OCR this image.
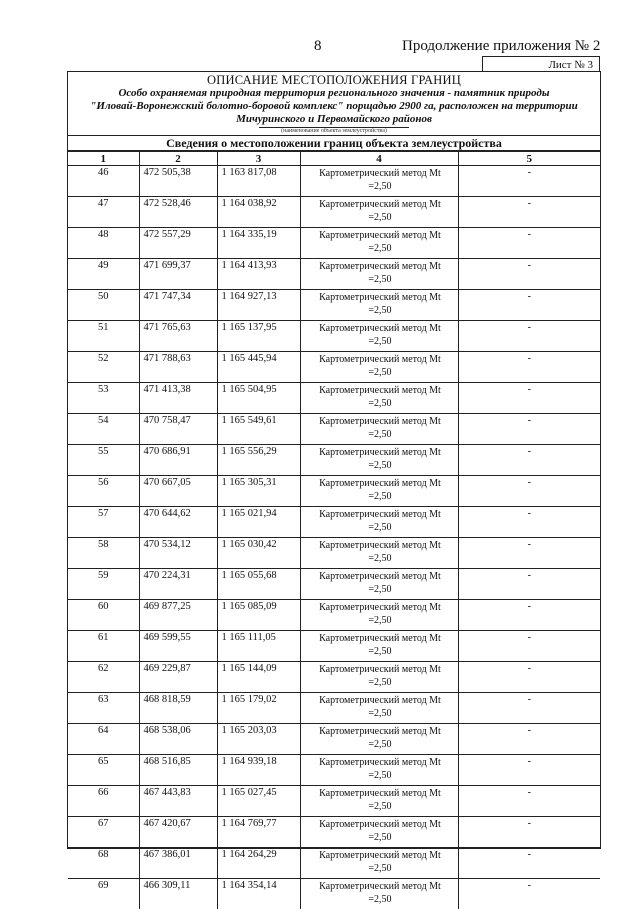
8	Продолжение приложения № 2
Лист № 3
ОПИСАНИЕ МЕСТОПОЛОЖЕНИЯ ГРАНИЦ
Особо охраняемая природная территория регионального значения - памятник природы
"Иловай-Воронежский болотно-боровой комплекс" порщадью 2900 га, расположен на территории
Мичуринского и Первомайского районов
(наименование объекта землеустройства)
Сведения о местоположении границ объекта землеустройства
1	2	3	4	5
46	472 505,38	1 163 817,08	Картометрический метод Mt
=2,50	-
47	472 528,46	1 164 038,92	Картометрический метод Mt
=2,50	-
48	472 557,29	1 164 335,19	Картометрический метод Mt
=2,50	-
49	471 699,37	1 164 413,93	Картометрический метод Mt
=2,50	-
50	471 747,34	1 164 927,13	Картометрический метод Mt
=2,50	-
51	471 765,63	1 165 137,95	Картометрический метод Mt
=2,50	-
52	471 788,63	1 165 445,94	Картометрический метод Mt
=2,50	-
53	471 413,38	1 165 504,95	Картометрический метод Mt
=2,50	-
54	470 758,47	1 165 549,61	Картометрический метод Mt
=2,50	-
55	470 686,91	1 165 556,29	Картометрический метод Mt
=2,50	-
56	470 667,05	1 165 305,31	Картометрический метод Mt
=2,50	-
57	470 644,62	1 165 021,94	Картометрический метод Mt
=2,50	-
58	470 534,12	1 165 030,42	Картометрический метод Mt
=2,50	-
59	470 224,31	1 165 055,68	Картометрический метод Mt
=2,50	-
60	469 877,25	1 165 085,09	Картометрический метод Mt
=2,50	-
61	469 599,55	1 165 111,05	Картометрический метод Mt
=2,50	-
62	469 229,87	1 165 144,09	Картометрический метод Mt
=2,50	-
63	468 818,59	1 165 179,02	Картометрический метод Mt
=2,50	-
64	468 538,06	1 165 203,03	Картометрический метод Mt
=2,50	-
65	468 516,85	1 164 939,18	Картометрический метод Mt
=2,50	-
66	467 443,83	1 165 027,45	Картометрический метод Mt
=2,50	-
67	467 420,67	1 164 769,77	Картометрический метод Mt
=2,50	-
68	467 386,01	1 164 264,29	Картометрический метод Mt
=2,50	-
69	466 309,11	1 164 354,14	Картометрический метод Mt
=2,50	-
